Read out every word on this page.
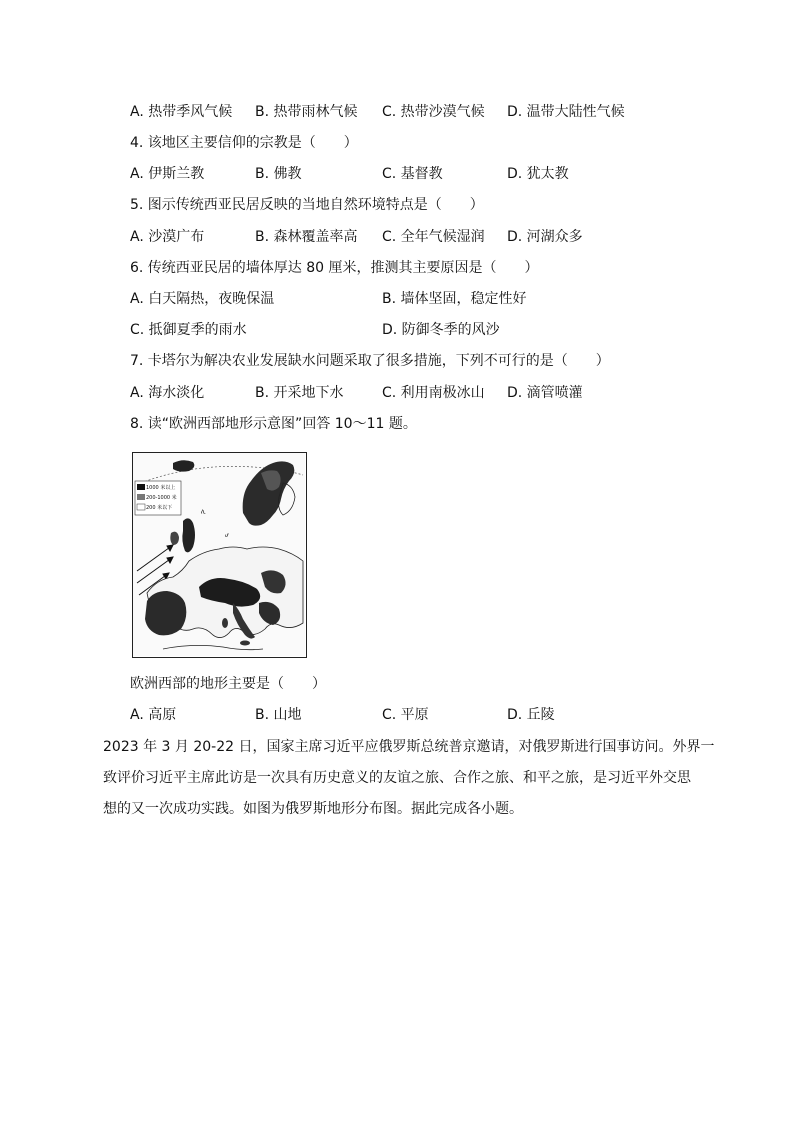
A. 热带季风气候 B. 热带雨林气候 C. 热带沙漠气候 D. 温带大陆性气候
4. 该地区主要信仰的宗教是（　　）
A. 伊斯兰教	B. 佛教	C. 基督教	D. 犹太教
5. 图示传统西亚民居反映的当地自然环境特点是（　　）
A. 沙漠广布	B. 森林覆盖率高 C. 全年气候湿润 D. 河湖众多
6. 传统西亚民居的墙体厚达 80 厘米，推测其主要原因是（　　）
A. 白天隔热，夜晚保温	B. 墙体坚固，稳定性好
C. 抵御夏季的雨水	D. 防御冬季的风沙
7. 卡塔尔为解决农业发展缺水问题采取了很多措施，下列不可行的是（　　）
A. 海水淡化	B. 开采地下水	C. 利用南极冰山 D. 滴管喷灌
8. 读“欧洲西部地形示意图”回答 10～11 题。
1000 米以上
200-1000 米
200 米以下	ሊ
ሆ
欧洲西部的地形主要是（　　）
A. 高原	B. 山地	C. 平原	D. 丘陵
2023 年 3 月 20-22 日，国家主席习近平应俄罗斯总统普京邀请，对俄罗斯进行国事访问。外界一
致评价习近平主席此访是一次具有历史意义的友谊之旅、合作之旅、和平之旅，是习近平外交思
想的又一次成功实践。如图为俄罗斯地形分布图。据此完成各小题。
